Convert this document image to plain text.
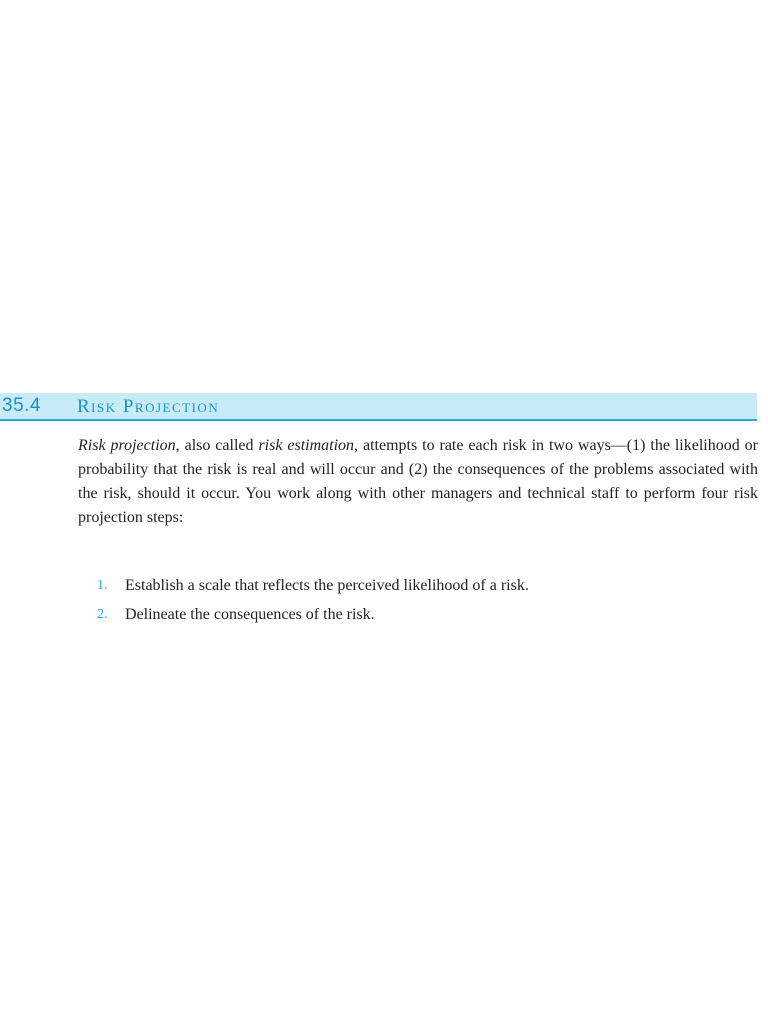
35.4 Risk Projection

Risk projection, also called risk estimation, attempts to rate each risk in two ways—(1) the likelihood or probability that the risk is real and will occur and (2) the consequences of the problems associated with the risk, should it occur. You work along with other managers and technical staff to perform four risk projection steps:

1. Establish a scale that reflects the perceived likelihood of a risk.
2. Delineate the consequences of the risk.
